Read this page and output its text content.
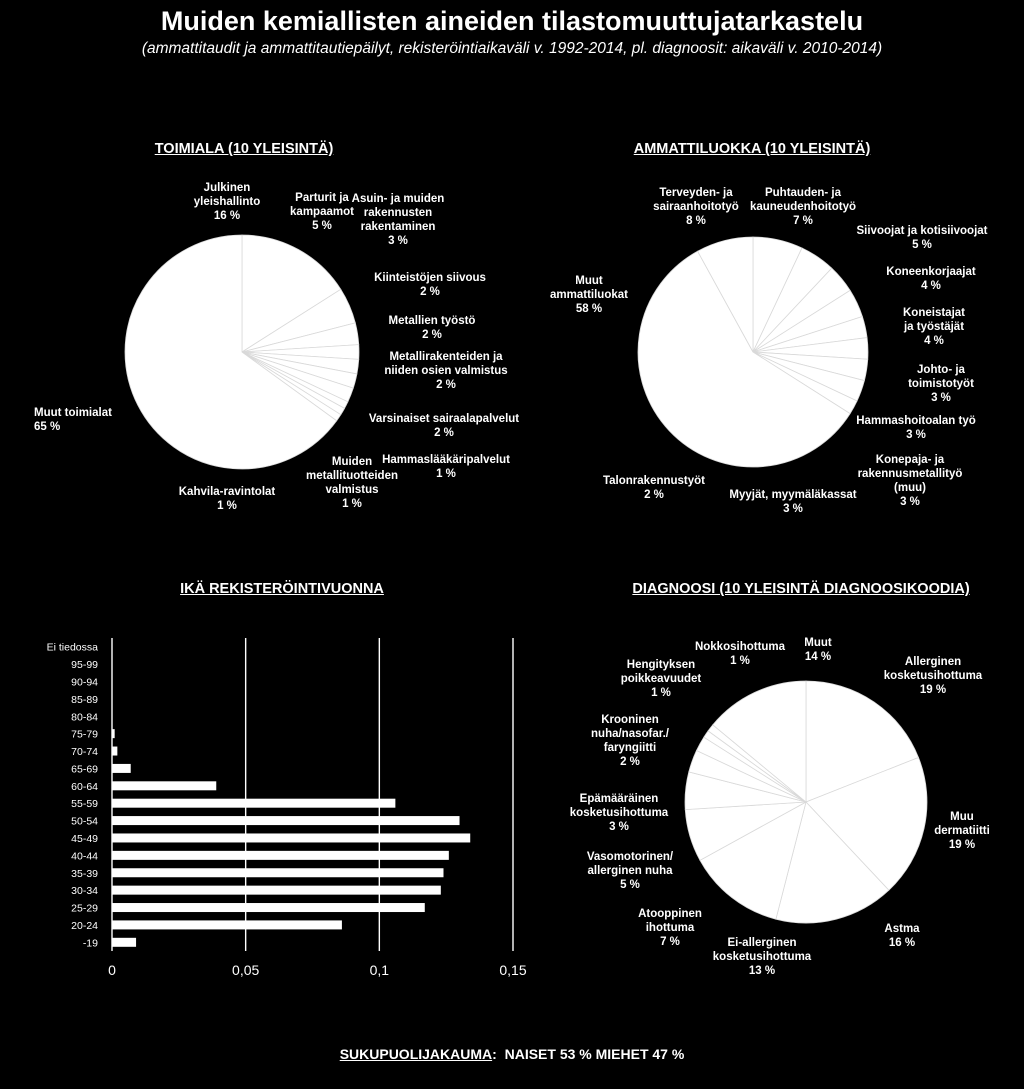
Muiden kemiallisten aineiden tilastomuuttujatarkastelu
(ammattitaudit ja ammattitautiepäilyt, rekisteröintiaikaväli v. 1992-2014, pl. diagnoosit: aikaväli v. 2010-2014)
TOIMIALA (10 YLEISINTÄ)	AMMATTILUOKKA (10 YLEISINTÄ)
IKÄ REKISTERÖINTIVUONNA	DIAGNOOSI (10 YLEISINTÄ DIAGNOOSIKOODIA)
0	0,05	0,1	0,15
Ei tiedossa
95-99
90-94
85-89
80-84
75-79
70-74
65-69
60-64
55-59
50-54
45-49
40-44
35-39
30-34
25-29
20-24
-19
Julkinen
yleishallinto
16 %
Parturit ja
kampaamot
5 %
Asuin- ja muiden
rakennusten
rakentaminen
3 %
Kiinteistöjen siivous
2 %
Metallien työstö
2 %
Metallirakenteiden ja
niiden osien valmistus
2 %
Varsinaiset sairaalapalvelut
2 %
Hammaslääkäripalvelut
1 %
Muiden
metallituotteiden
valmistus
1 %
Kahvila-ravintolat
1 %
Muut toimialat
65 %
Puhtauden- ja
kauneudenhoitotyö
7 %
Siivoojat ja kotisiivoojat
5 %
Koneenkorjaajat
4 %
Koneistajat
ja työstäjät
4 %
Johto- ja
toimistotyöt
3 %
Hammashoitoalan työ
3 %
Konepaja- ja
rakennusmetallityö
(muu)
3 %
Myyjät, myymäläkassat
3 %
Talonrakennustyöt
2 %
Muut
ammattiluokat
58 %
Terveyden- ja
sairaanhoitotyö
8 %
Allerginen
kosketusihottuma
19 %
Muu
dermatiitti
19 %
Astma
16 %
Ei-allerginen
kosketusihottuma
13 %
Atooppinen
ihottuma
7 %
Vasomotorinen/
allerginen nuha
5 %
Epämääräinen
kosketusihottuma
3 %
Krooninen
nuha/nasofar./
faryngiitti
2 %
Hengityksen
poikkeavuudet
1 %
Nokkosihottuma
1 %
Muut
14 %
SUKUPUOLIJAKAUMA: NAISET 53 % MIEHET 47 %
